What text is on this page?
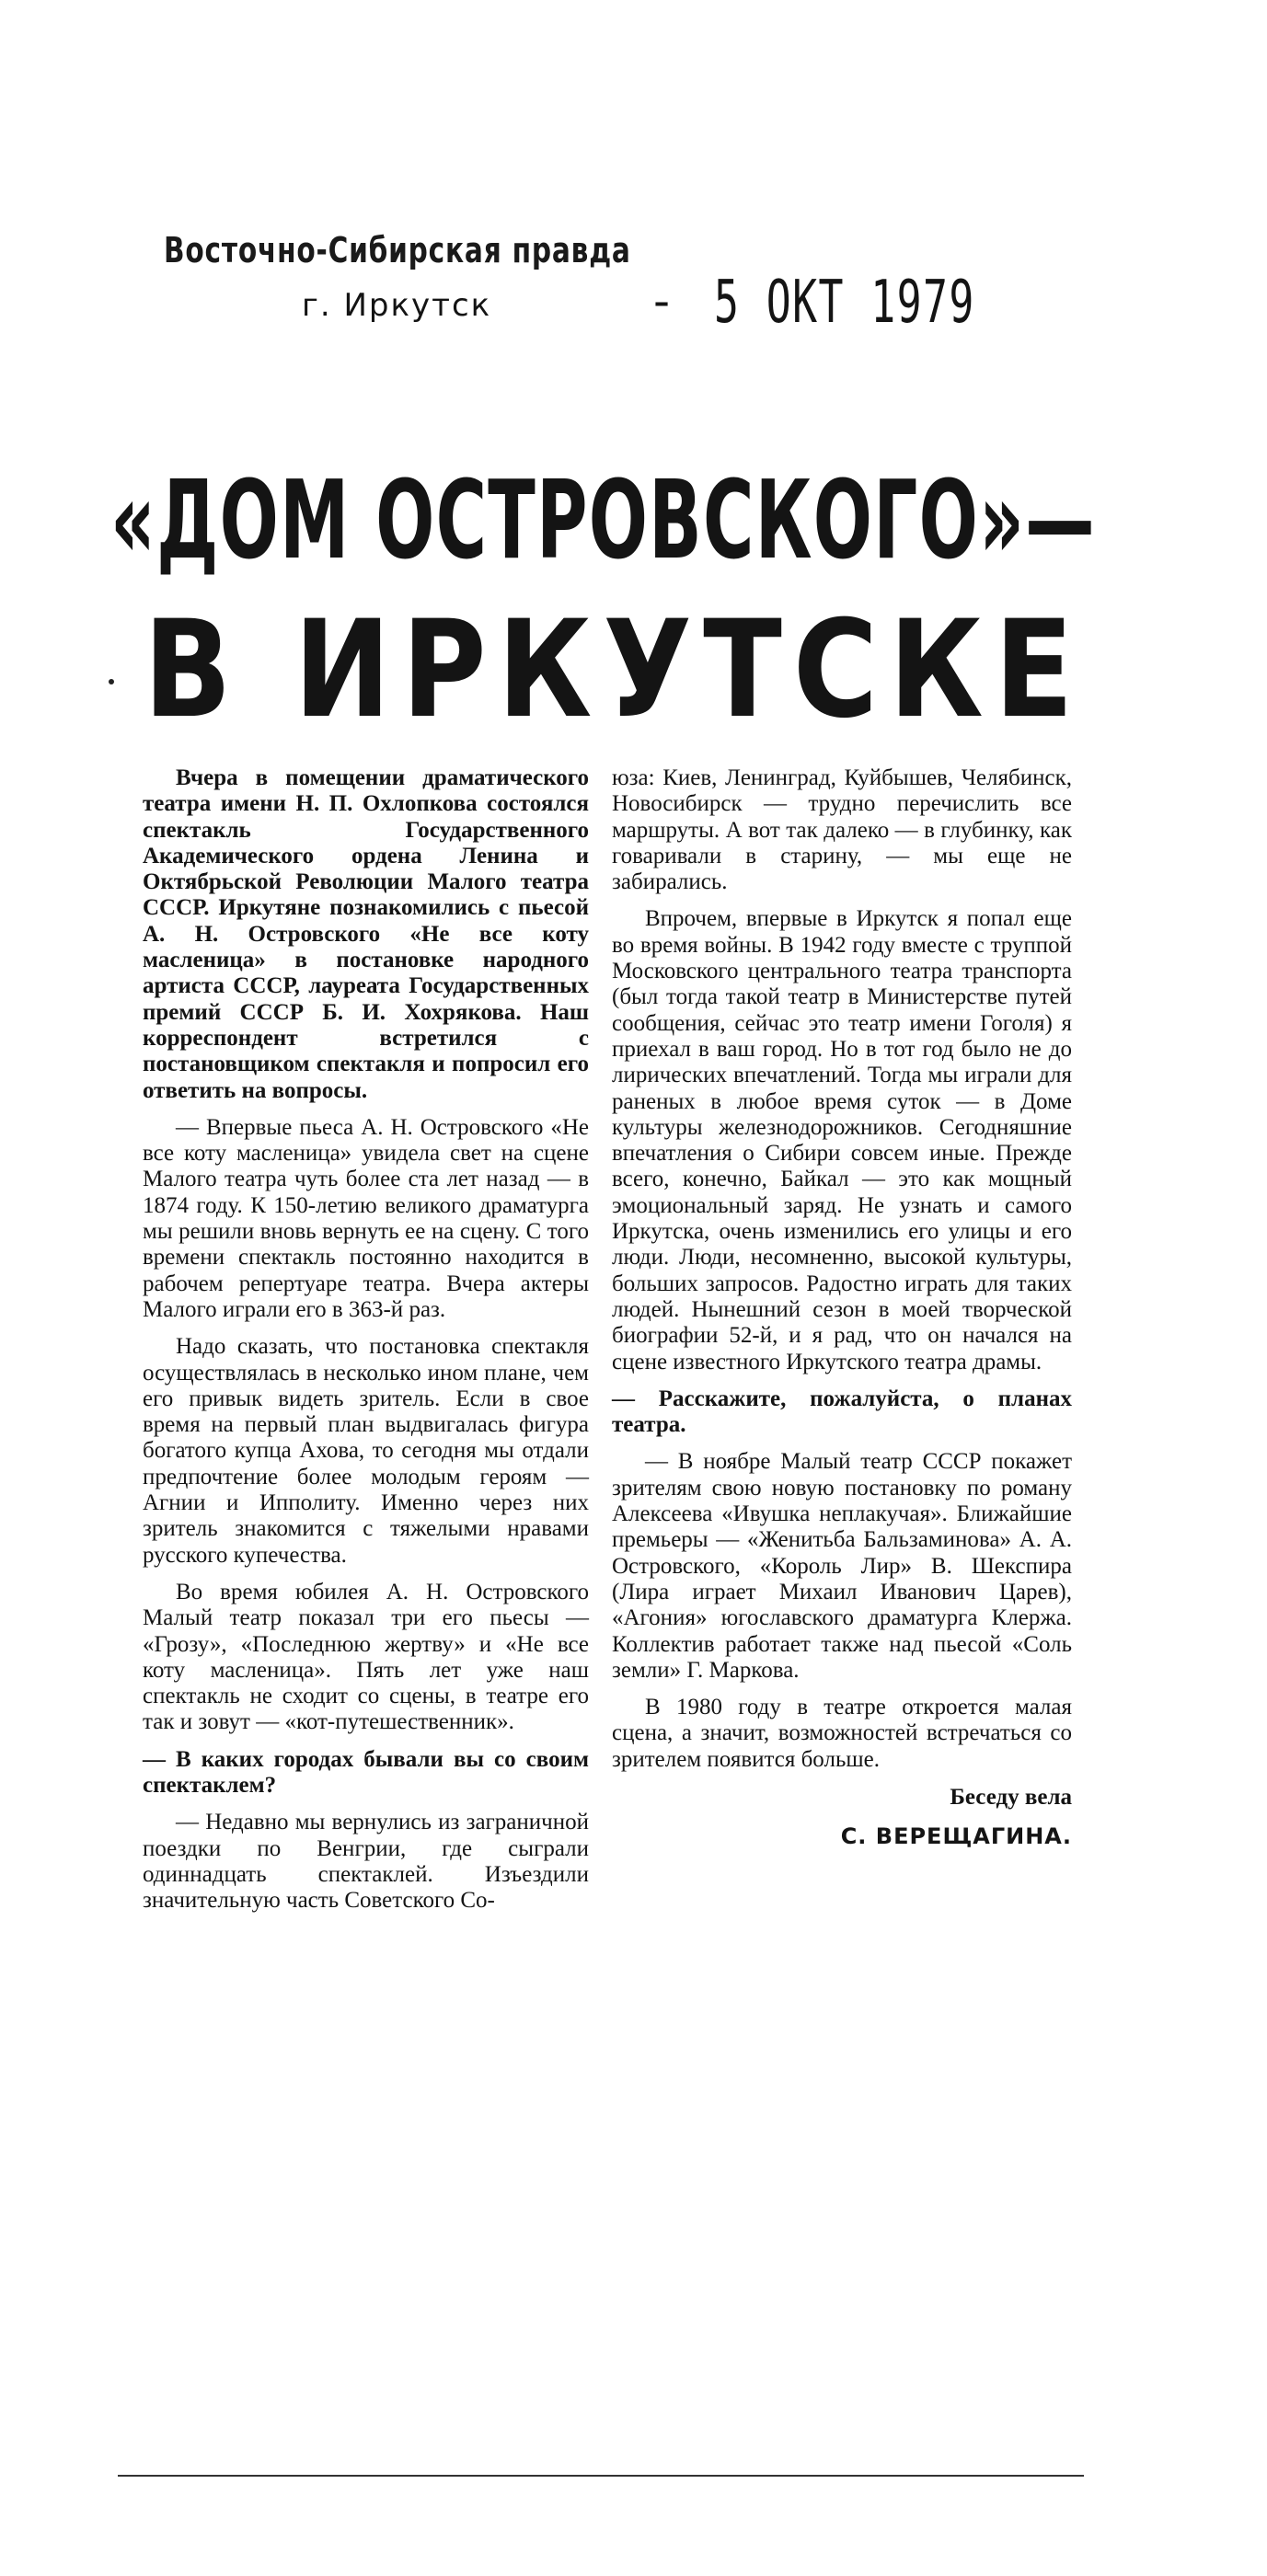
Восточно-Сибирская правда
г. Иркутск	- 5 ОКТ 1979
«ДОМ ОСТРОВСКОГО»—
В ИРКУТСКЕ

Вчера в помещении драматического театра имени Н. П. Охлопкова состоялся спектакль Государственного Академического ордена Ленина и Октябрьской Революции Малого театра СССР. Иркутяне познакомились с пьесой А. Н. Островского «Не все коту масленица» в постановке народного артиста СССР, лауреата Государственных премий СССР Б. И. Хохрякова. Наш корреспондент встретился с постановщиком спектакля и попросил его ответить на вопросы.

— Впервые пьеса А. Н. Островского «Не все коту масленица» увидела свет на сцене Малого театра чуть более ста лет назад — в 1874 году. К 150-летию великого драматурга мы решили вновь вернуть ее на сцену. С того времени спектакль постоянно находится в рабочем репертуаре театра. Вчера актеры Малого играли его в 363-й раз.

Надо сказать, что постановка спектакля осуществлялась в несколько ином плане, чем его привык видеть зритель. Если в свое время на первый план выдвигалась фигура богатого купца Ахова, то сегодня мы отдали предпочтение более молодым героям — Агнии и Ипполиту. Именно через них зритель знакомится с тяжелыми нравами русского купечества.

Во время юбилея А. Н. Островского Малый театр показал три его пьесы — «Грозу», «Последнюю жертву» и «Не все коту масленица». Пять лет уже наш спектакль не сходит со сцены, в театре его так и зовут — «кот-путешественник».

— В каких городах бывали вы со своим спектаклем?

— Недавно мы вернулись из заграничной поездки по Венгрии, где сыграли одиннадцать спектаклей. Изъездили значительную часть Советского Со-

юза: Киев, Ленинград, Куйбышев, Челябинск, Новосибирск — трудно перечислить все маршруты. А вот так далеко — в глубинку, как говаривали в старину, — мы еще не забирались.

Впрочем, впервые в Иркутск я попал еще во время войны. В 1942 году вместе с труппой Московского центрального театра транспорта (был тогда такой театр в Министерстве путей сообщения, сейчас это театр имени Гоголя) я приехал в ваш город. Но в тот год было не до лирических впечатлений. Тогда мы играли для раненых в любое время суток — в Доме культуры железнодорожников. Сегодняшние впечатления о Сибири совсем иные. Прежде всего, конечно, Байкал — это как мощный эмоциональный заряд. Не узнать и самого Иркутска, очень изменились его улицы и его люди. Люди, несомненно, высокой культуры, больших запросов. Радостно играть для таких людей. Нынешний сезон в моей творческой биографии 52-й, и я рад, что он начался на сцене известного Иркутского театра драмы.

— Расскажите, пожалуйста, о планах театра.

— В ноябре Малый театр СССР покажет зрителям свою новую постановку по роману Алексеева «Ивушка неплакучая». Ближайшие премьеры — «Женитьба Бальзаминова» А. А. Островского, «Король Лир» В. Шекспира (Лира играет Михаил Иванович Царев), «Агония» югославского драматурга Клержа. Коллектив работает также над пьесой «Соль земли» Г. Маркова.

В 1980 году в театре откроется малая сцена, а значит, возможностей встречаться со зрителем появится больше.

Беседу вела

С. ВЕРЕЩАГИНА.
